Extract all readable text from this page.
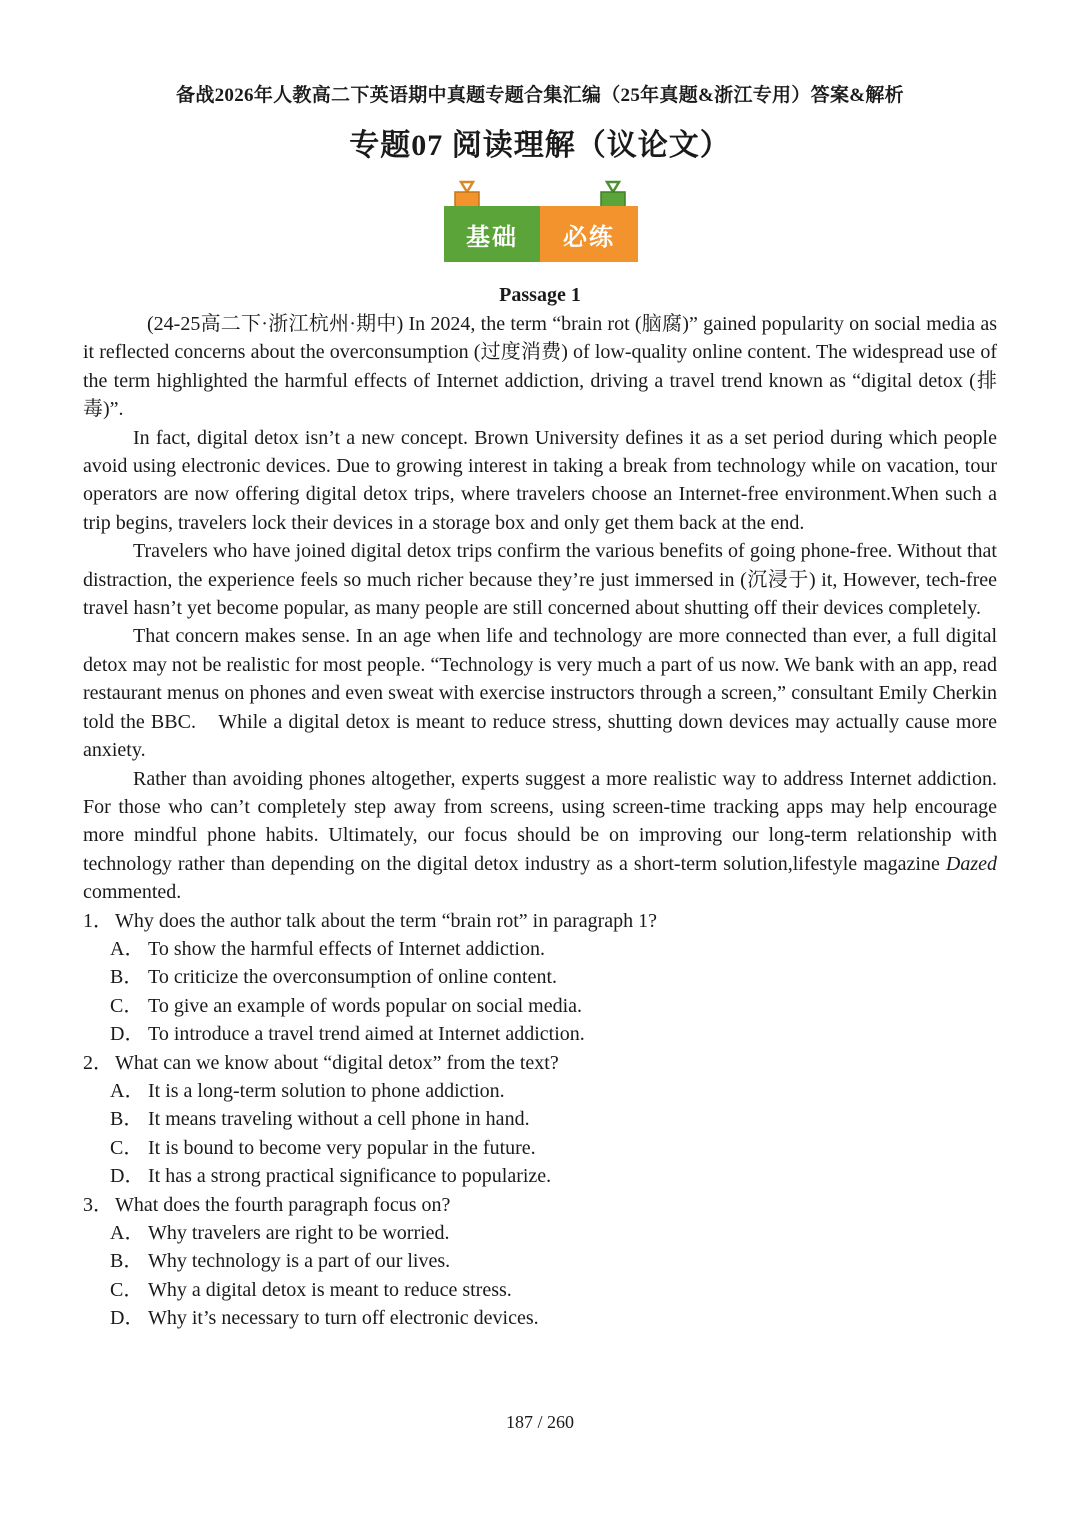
备战2026年人教高二下英语期中真题专题合集汇编（25年真题&浙江专用）答案&解析
专题07 阅读理解（议论文）
基础 必练
Passage 1

(24-25高二下·浙江杭州·期中) In 2024, the term “brain rot (脑腐)” gained popularity on social media as it reflected concerns about the overconsumption (过度消费) of low-quality online content. The widespread use of the term highlighted the harmful effects of Internet addiction, driving a travel trend known as “digital detox (排毒)”.

In fact, digital detox isn’t a new concept. Brown University defines it as a set period during which people avoid using electronic devices. Due to growing interest in taking a break from technology while on vacation, tour operators are now offering digital detox trips, where travelers choose an Internet-free environment.When such a trip begins, travelers lock their devices in a storage box and only get them back at the end.

Travelers who have joined digital detox trips confirm the various benefits of going phone-free. Without that distraction, the experience feels so much richer because they’re just immersed in (沉浸于) it, However, tech-free travel hasn’t yet become popular, as many people are still concerned about shutting off their devices completely.

That concern makes sense. In an age when life and technology are more connected than ever, a full digital detox may not be realistic for most people. “Technology is very much a part of us now. We bank with an app, read restaurant menus on phones and even sweat with exercise instructors through a screen,” consultant Emily Cherkin told the BBC.　While a digital detox is meant to reduce stress, shutting down devices may actually cause more anxiety.

Rather than avoiding phones altogether, experts suggest a more realistic way to address Internet addiction. For those who can’t completely step away from screens, using screen-time tracking apps may help encourage more mindful phone habits. Ultimately, our focus should be on improving our long-term relationship with technology rather than depending on the digital detox industry as a short-term solution,lifestyle magazine Dazed commented.

1． Why does the author talk about the term “brain rot” in paragraph 1?
A． To show the harmful effects of Internet addiction.
B． To criticize the overconsumption of online content.
C． To give an example of words popular on social media.
D． To introduce a travel trend aimed at Internet addiction.
2． What can we know about “digital detox” from the text?
A． It is a long-term solution to phone addiction.
B． It means traveling without a cell phone in hand.
C． It is bound to become very popular in the future.
D． It has a strong practical significance to popularize.
3． What does the fourth paragraph focus on?
A． Why travelers are right to be worried.
B． Why technology is a part of our lives.
C． Why a digital detox is meant to reduce stress.
D． Why it’s necessary to turn off electronic devices.
187 / 260
